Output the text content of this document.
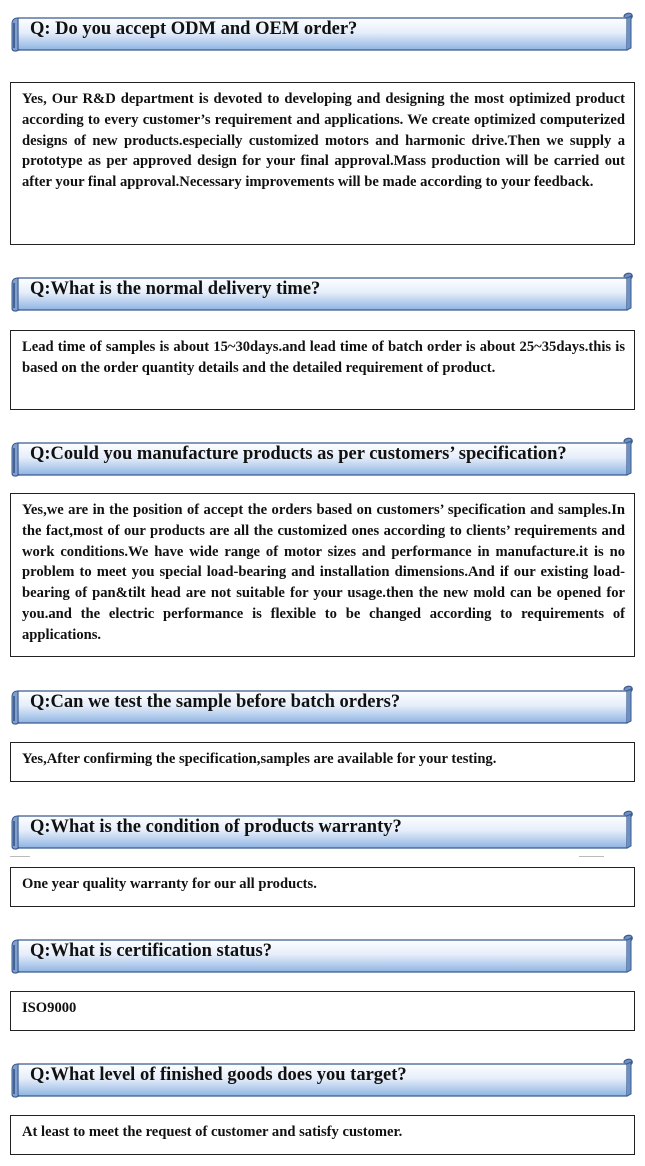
Q: Do you accept ODM and OEM order?
Yes, Our R&D department is devoted to developing and designing the most optimized product according to every customer’s requirement and applications. We create optimized computerized designs of new products.especially customized motors and harmonic drive.Then we supply a prototype as per approved design for your final approval.Mass production will be carried out after your final approval.Necessary improvements will be made according to your feedback.
Q:What is the normal delivery time?
Lead time of samples is about 15~30days.and lead time of batch order is about 25~35days.this is based on the order quantity details and the detailed requirement of product.
Q:Could you manufacture products as per customers’ specification?
Yes,we are in the position of accept the orders based on customers’ specification and samples.In the fact,most of our products are all the customized ones according to clients’ requirements and work conditions.We have wide range of motor sizes and performance in manufacture.it is no problem to meet you special load-bearing and installation dimensions.And if our existing load-bearing of pan&tilt head are not suitable for your usage.then the new mold can be opened for you.and the electric performance is flexible to be changed according to requirements of applications.
Q:Can we test the sample before batch orders?
Yes,After confirming the specification,samples are available for your testing.
Q:What is the condition of products warranty?
One year quality warranty for our all products.
Q:What is certification status?
ISO9000
Q:What level of finished goods does you target?
At least to meet the request of customer and satisfy customer.
